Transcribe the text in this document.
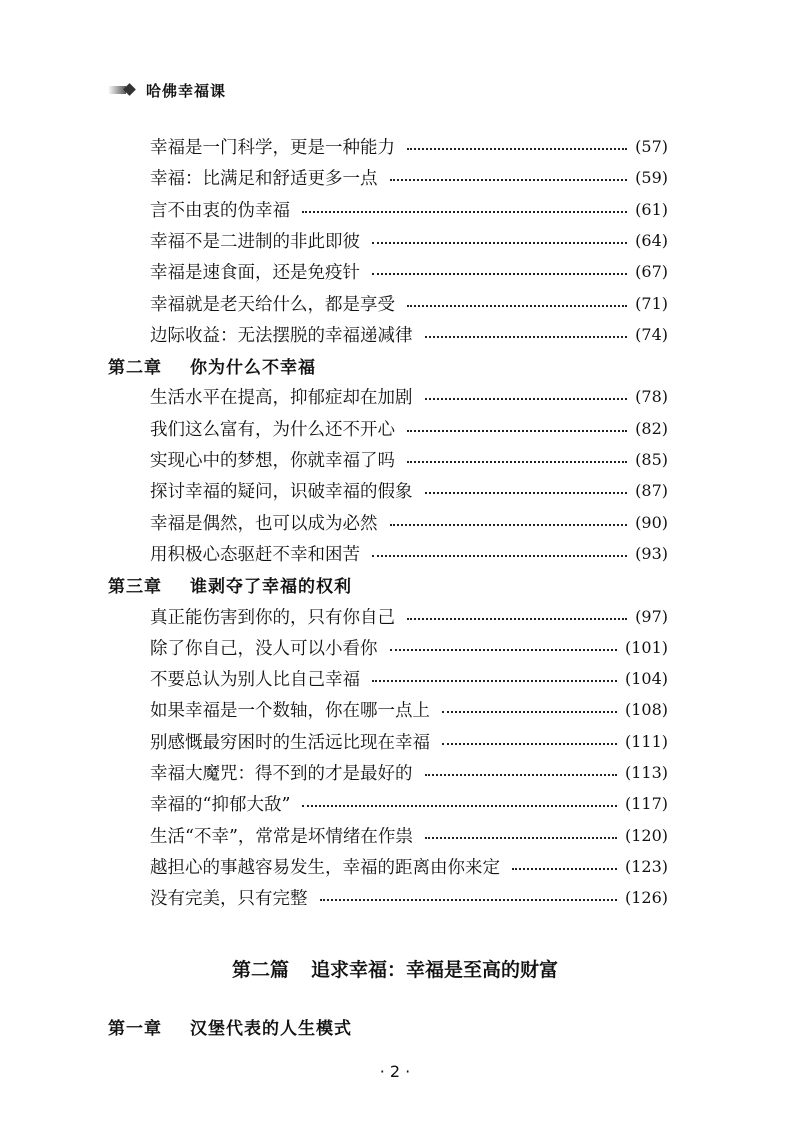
哈佛幸福课
幸福是一门科学，更是一种能力	(57)
幸福：比满足和舒适更多一点	(59)
言不由衷的伪幸福	(61)
幸福不是二进制的非此即彼	(64)
幸福是速食面，还是免疫针	(67)
幸福就是老天给什么，都是享受	(71)
边际收益：无法摆脱的幸福递减律	(74)
第二章 你为什么不幸福
生活水平在提高，抑郁症却在加剧	(78)
我们这么富有，为什么还不开心	(82)
实现心中的梦想，你就幸福了吗	(85)
探讨幸福的疑问，识破幸福的假象	(87)
幸福是偶然，也可以成为必然	(90)
用积极心态驱赶不幸和困苦	(93)
第三章 谁剥夺了幸福的权利
真正能伤害到你的，只有你自己	(97)
除了你自己，没人可以小看你	(101)
不要总认为别人比自己幸福	(104)
如果幸福是一个数轴，你在哪一点上	(108)
别感慨最穷困时的生活远比现在幸福	(111)
幸福大魔咒：得不到的才是最好的	(113)
幸福的“抑郁大敌”	(117)
生活“不幸”，常常是坏情绪在作祟	(120)
越担心的事越容易发生，幸福的距离由你来定	(123)
没有完美，只有完整	(126)
第一章 汉堡代表的人生模式
第二篇 追求幸福：幸福是至高的财富
· 2 ·
